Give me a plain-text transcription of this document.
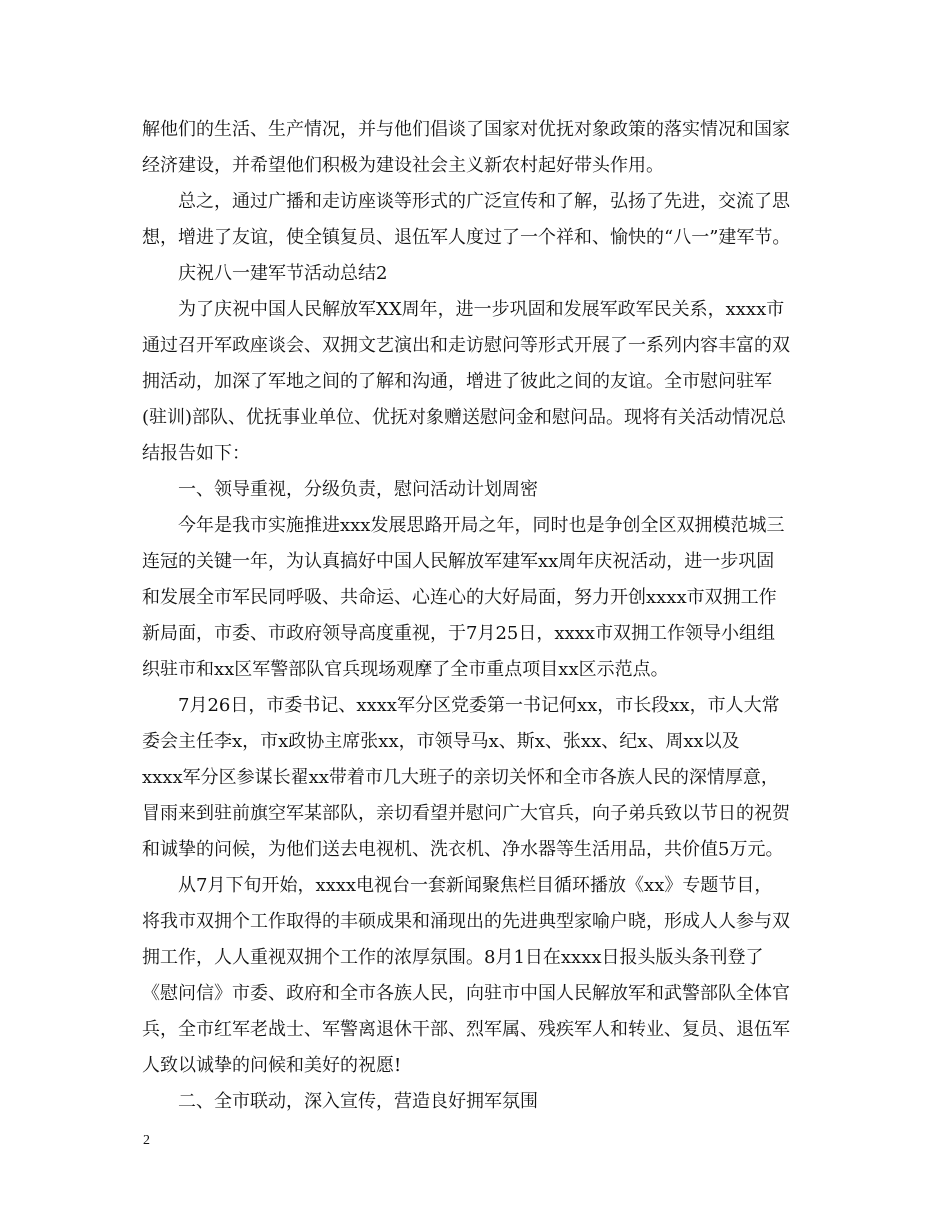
解他们的生活、生产情况，并与他们倡谈了国家对优抚对象政策的落实情况和国家
经济建设，并希望他们积极为建设社会主义新农村起好带头作用。
总之，通过广播和走访座谈等形式的广泛宣传和了解，弘扬了先进，交流了思
想，增进了友谊，使全镇复员、退伍军人度过了一个祥和、愉快的“八一”建军节。
庆祝八一建军节活动总结2
为了庆祝中国人民解放军XX周年，进一步巩固和发展军政军民关系，xxxx市
通过召开军政座谈会、双拥文艺演出和走访慰问等形式开展了一系列内容丰富的双
拥活动，加深了军地之间的了解和沟通，增进了彼此之间的友谊。全市慰问驻军
(驻训)部队、优抚事业单位、优抚对象赠送慰问金和慰问品。现将有关活动情况总
结报告如下：
一、领导重视，分级负责，慰问活动计划周密
今年是我市实施推进xxx发展思路开局之年，同时也是争创全区双拥模范城三
连冠的关键一年，为认真搞好中国人民解放军建军xx周年庆祝活动，进一步巩固
和发展全市军民同呼吸、共命运、心连心的大好局面，努力开创xxxx市双拥工作
新局面，市委、市政府领导高度重视，于7月25日，xxxx市双拥工作领导小组组
织驻市和xx区军警部队官兵现场观摩了全市重点项目xx区示范点。
7月26日，市委书记、xxxx军分区党委第一书记何xx，市长段xx，市人大常
委会主任李x，市x政协主席张xx，市领导马x、斯x、张xx、纪x、周xx以及
xxxx军分区参谋长翟xx带着市几大班子的亲切关怀和全市各族人民的深情厚意，
冒雨来到驻前旗空军某部队，亲切看望并慰问广大官兵，向子弟兵致以节日的祝贺
和诚挚的问候，为他们送去电视机、洗衣机、净水器等生活用品，共价值5万元。
从7月下旬开始，xxxx电视台一套新闻聚焦栏目循环播放《xx》专题节目，
将我市双拥个工作取得的丰硕成果和涌现出的先进典型家喻户晓，形成人人参与双
拥工作，人人重视双拥个工作的浓厚氛围。8月1日在xxxx日报头版头条刊登了
《慰问信》市委、政府和全市各族人民，向驻市中国人民解放军和武警部队全体官
兵，全市红军老战士、军警离退休干部、烈军属、残疾军人和转业、复员、退伍军
人致以诚挚的问候和美好的祝愿!
二、全市联动，深入宣传，营造良好拥军氛围
2
